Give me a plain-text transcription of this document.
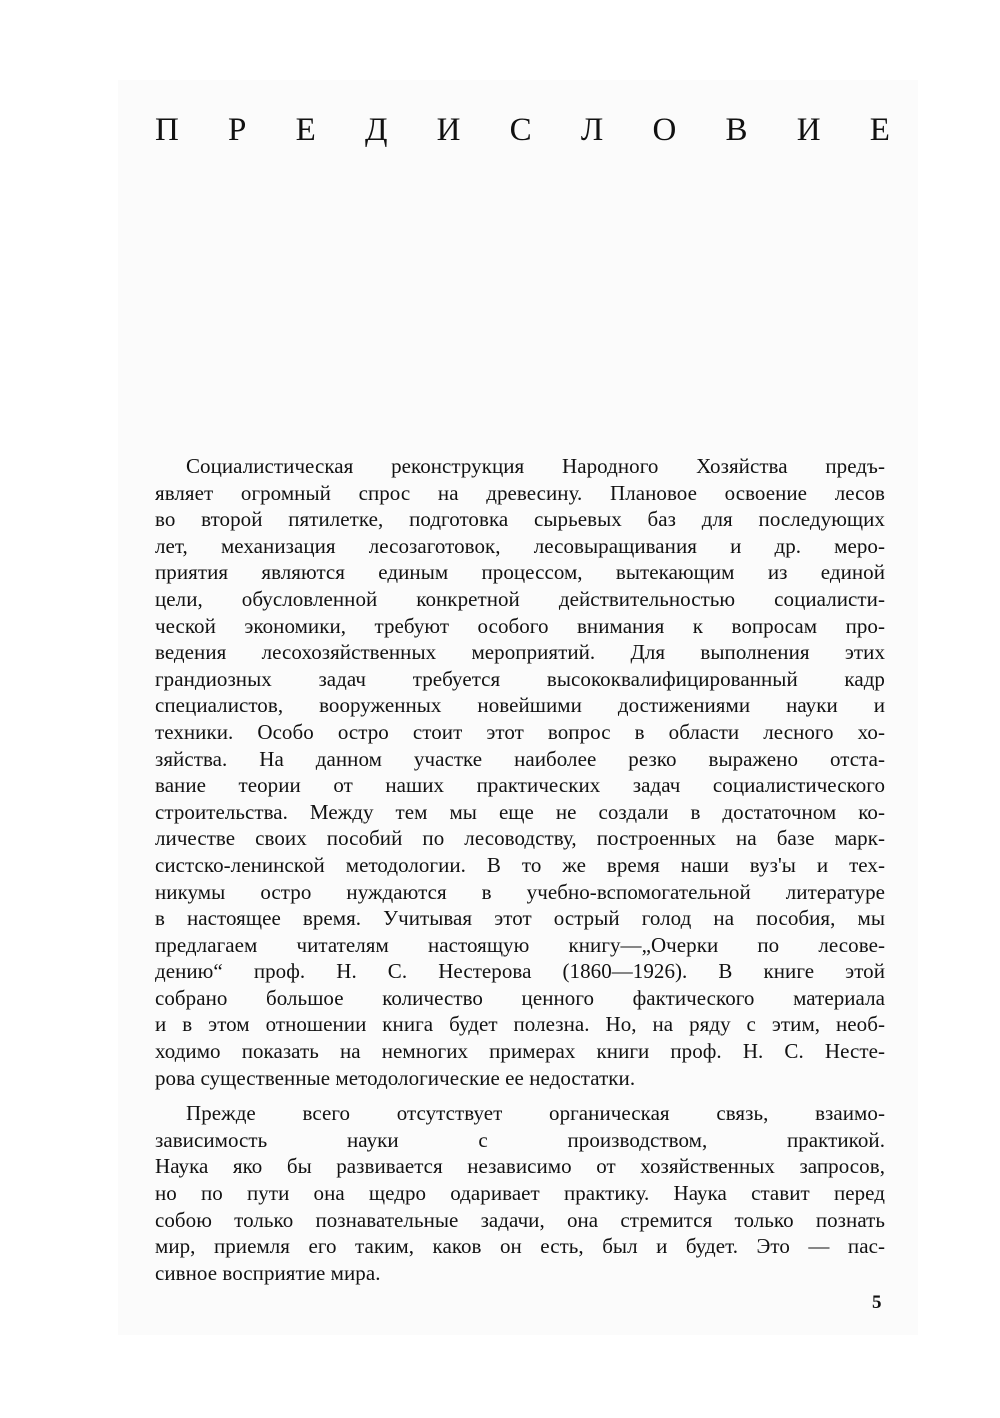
П Р Е Д И С Л О В И Е
Социалистическая реконструкция Народного Хозяйства предъ-
являет огромный спрос на древесину. Плановое освоение лесов
во второй пятилетке, подготовка сырьевых баз для последующих
лет, механизация лесозаготовок, лесовыращивания и др. меро-
приятия являются единым процессом, вытекающим из единой
цели, обусловленной конкретной действительностью социалисти-
ческой экономики, требуют особого внимания к вопросам про-
ведения лесохозяйственных мероприятий. Для выполнения этих
грандиозных задач требуется высококвалифицированный кадр
специалистов, вооруженных новейшими достижениями науки и
техники. Особо остро стоит этот вопрос в области лесного хо-
зяйства. На данном участке наиболее резко выражено отста-
вание теории от наших практических задач социалистического
строительства. Между тем мы еще не создали в достаточном ко-
личестве своих пособий по лесоводству, построенных на базе марк-
систско-ленинской методологии. В то же время наши вуз'ы и тех-
никумы остро нуждаются в учебно-вспомогательной литературе
в настоящее время. Учитывая этот острый голод на пособия, мы
предлагаем читателям настоящую книгу—„Очерки по лесове-
дению“ проф. Н. С. Нестерова (1860—1926). В книге этой
собрано большое количество ценного фактического материала
и в этом отношении книга будет полезна. Но, на ряду с этим, необ-
ходимо показать на немногих примерах книги проф. Н. С. Несте-
рова существенные методологические ее недостатки.
Прежде всего отсутствует органическая связь, взаимо-
зависимость науки с производством, практикой.
Наука яко бы развивается независимо от хозяйственных запросов,
но по пути она щедро одаривает практику. Наука ставит перед
собою только познавательные задачи, она стремится только познать
мир, приемля его таким, каков он есть, был и будет. Это — пас-
сивное восприятие мира.
5
